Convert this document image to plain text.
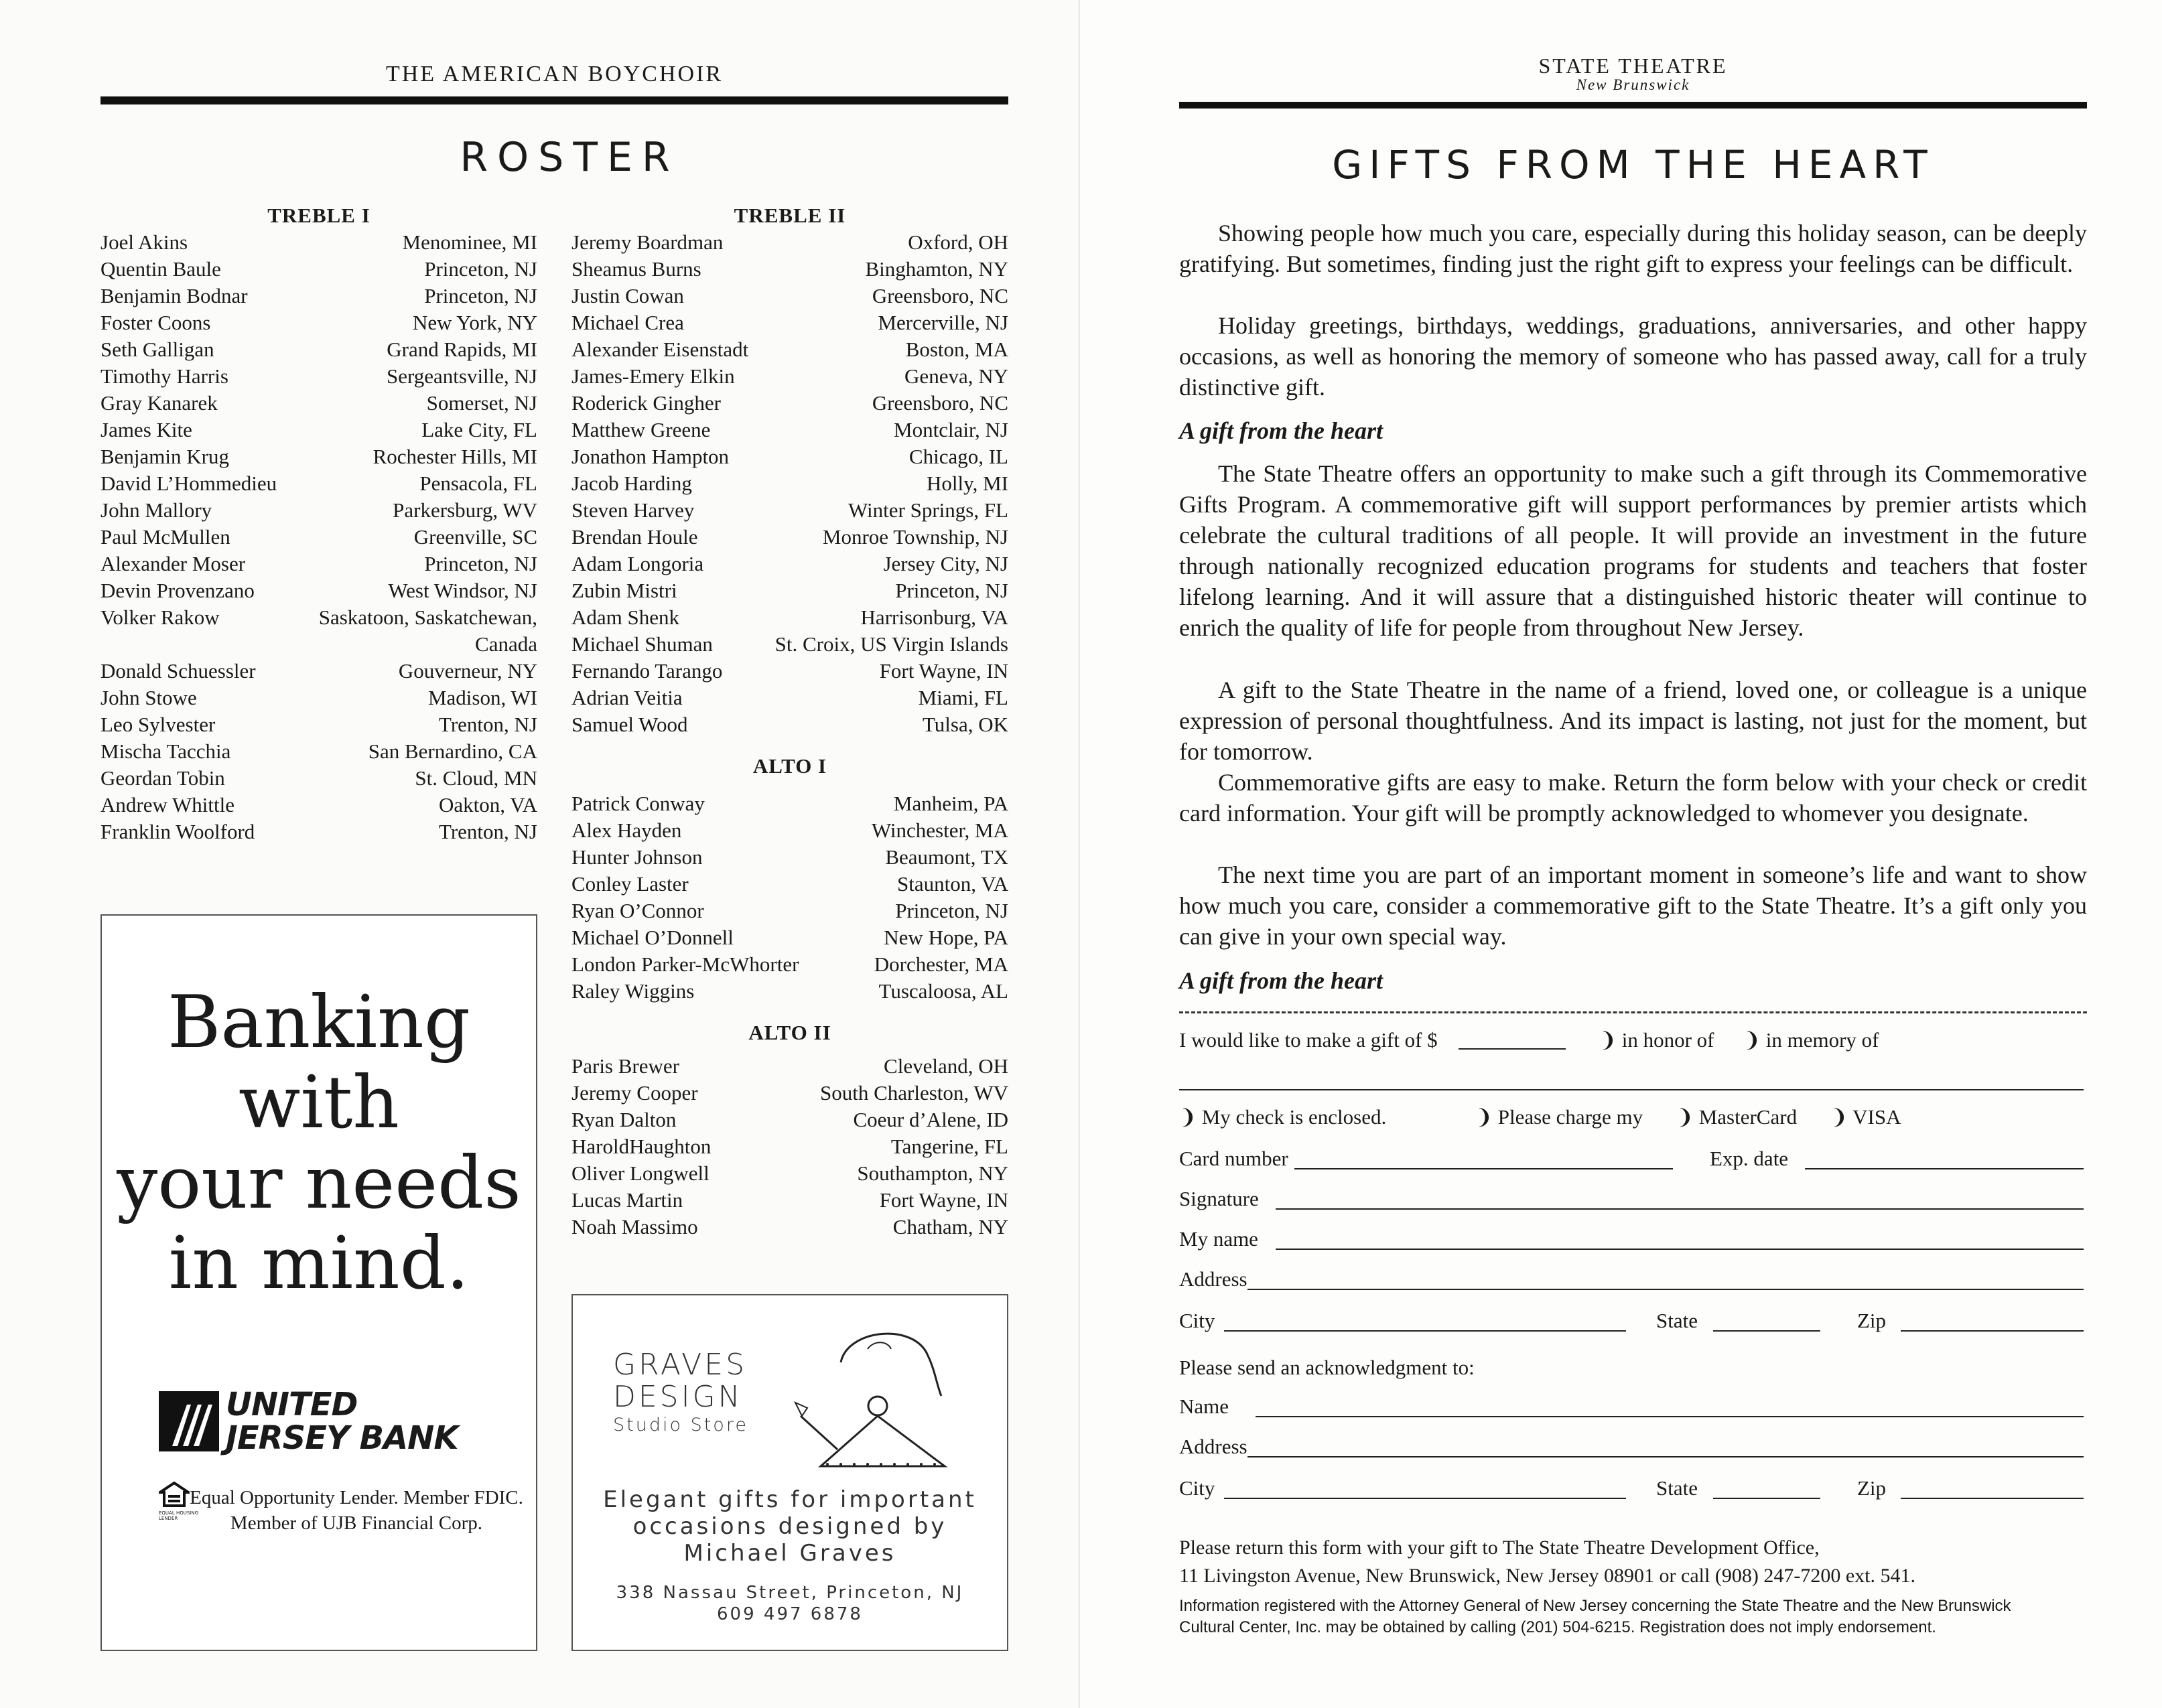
THE AMERICAN BOYCHOIR
ROSTER
TREBLE I
Joel Akins	Menominee, MI
Quentin Baule	Princeton, NJ
Benjamin Bodnar	Princeton, NJ
Foster Coons	New York, NY
Seth Galligan	Grand Rapids, MI
Timothy Harris	Sergeantsville, NJ
Gray Kanarek	Somerset, NJ
James Kite	Lake City, FL
Benjamin Krug	Rochester Hills, MI
David L’Hommedieu	Pensacola, FL
John Mallory	Parkersburg, WV
Paul McMullen	Greenville, SC
Alexander Moser	Princeton, NJ
Devin Provenzano	West Windsor, NJ
Volker Rakow	Saskatoon, Saskatchewan,
Canada
Donald Schuessler	Gouverneur, NY
John Stowe	Madison, WI
Leo Sylvester	Trenton, NJ
Mischa Tacchia	San Bernardino, CA
Geordan Tobin	St. Cloud, MN
Andrew Whittle	Oakton, VA
Franklin Woolford	Trenton, NJ
TREBLE II
Jeremy Boardman	Oxford, OH
Sheamus Burns	Binghamton, NY
Justin Cowan	Greensboro, NC
Michael Crea	Mercerville, NJ
Alexander Eisenstadt	Boston, MA
James-Emery Elkin	Geneva, NY
Roderick Gingher	Greensboro, NC
Matthew Greene	Montclair, NJ
Jonathon Hampton	Chicago, IL
Jacob Harding	Holly, MI
Steven Harvey	Winter Springs, FL
Brendan Houle	Monroe Township, NJ
Adam Longoria	Jersey City, NJ
Zubin Mistri	Princeton, NJ
Adam Shenk	Harrisonburg, VA
Michael Shuman	St. Croix, US Virgin Islands
Fernando Tarango	Fort Wayne, IN
Adrian Veitia	Miami, FL
Samuel Wood	Tulsa, OK
ALTO I
Patrick Conway	Manheim, PA
Alex Hayden	Winchester, MA
Hunter Johnson	Beaumont, TX
Conley Laster	Staunton, VA
Ryan O’Connor	Princeton, NJ
Michael O’Donnell	New Hope, PA
London Parker-McWhorter	Dorchester, MA
Raley Wiggins	Tuscaloosa, AL
ALTO II
Paris Brewer	Cleveland, OH
Jeremy Cooper	South Charleston, WV
Ryan Dalton	Coeur d’Alene, ID
HaroldHaughton	Tangerine, FL
Oliver Longwell	Southampton, NY
Lucas Martin	Fort Wayne, IN
Noah Massimo	Chatham, NY
Banking
with
your needs
in mind.
UNITED
JERSEY BANK
EQUAL HOUSING LENDER
Equal Opportunity Lender. Member FDIC.
Member of UJB Financial Corp.
GRAVES
DESIGN
Studio Store
Elegant gifts for important
occasions designed by
Michael Graves
338 Nassau Street, Princeton, NJ
609 497 6878
STATE THEATRE
New Brunswick
GIFTS FROM THE HEART
Showing people how much you care, especially during this holiday season, can be deeply gratifying. But sometimes, finding just the right gift to express your feelings can be difficult.
Holiday greetings, birthdays, weddings, graduations, anniversaries, and other happy occasions, as well as honoring the memory of someone who has passed away, call for a truly distinctive gift.
A gift from the heart
The State Theatre offers an opportunity to make such a gift through its Commemorative Gifts Program. A commemorative gift will support performances by premier artists which celebrate the cultural traditions of all people. It will provide an investment in the future through nationally recognized education programs for students and teachers that foster lifelong learning. And it will assure that a distinguished historic theater will continue to enrich the quality of life for people from throughout New Jersey.
A gift to the State Theatre in the name of a friend, loved one, or colleague is a unique expression of personal thoughtfulness. And its impact is lasting, not just for the moment, but for tomorrow.
Commemorative gifts are easy to make. Return the form below with your check or credit card information. Your gift will be promptly acknowledged to whomever you designate.
The next time you are part of an important moment in someone’s life and want to show how much you care, consider a commemorative gift to the State Theatre. It’s a gift only you can give in your own special way.
A gift from the heart
I would like to make a gift of $	❩ in honor of ❩ in memory of
❩ My check is enclosed.	❩ Please charge my ❩ MasterCard ❩ VISA
Card number	Exp. date
Signature
My name
Address
City	State	Zip
Please send an acknowledgment to:
Name
Address
City	State	Zip
Please return this form with your gift to The State Theatre Development Office,
11 Livingston Avenue, New Brunswick, New Jersey 08901 or call (908) 247-7200 ext. 541.
Information registered with the Attorney General of New Jersey concerning the State Theatre and the New Brunswick
Cultural Center, Inc. may be obtained by calling (201) 504-6215. Registration does not imply endorsement.
